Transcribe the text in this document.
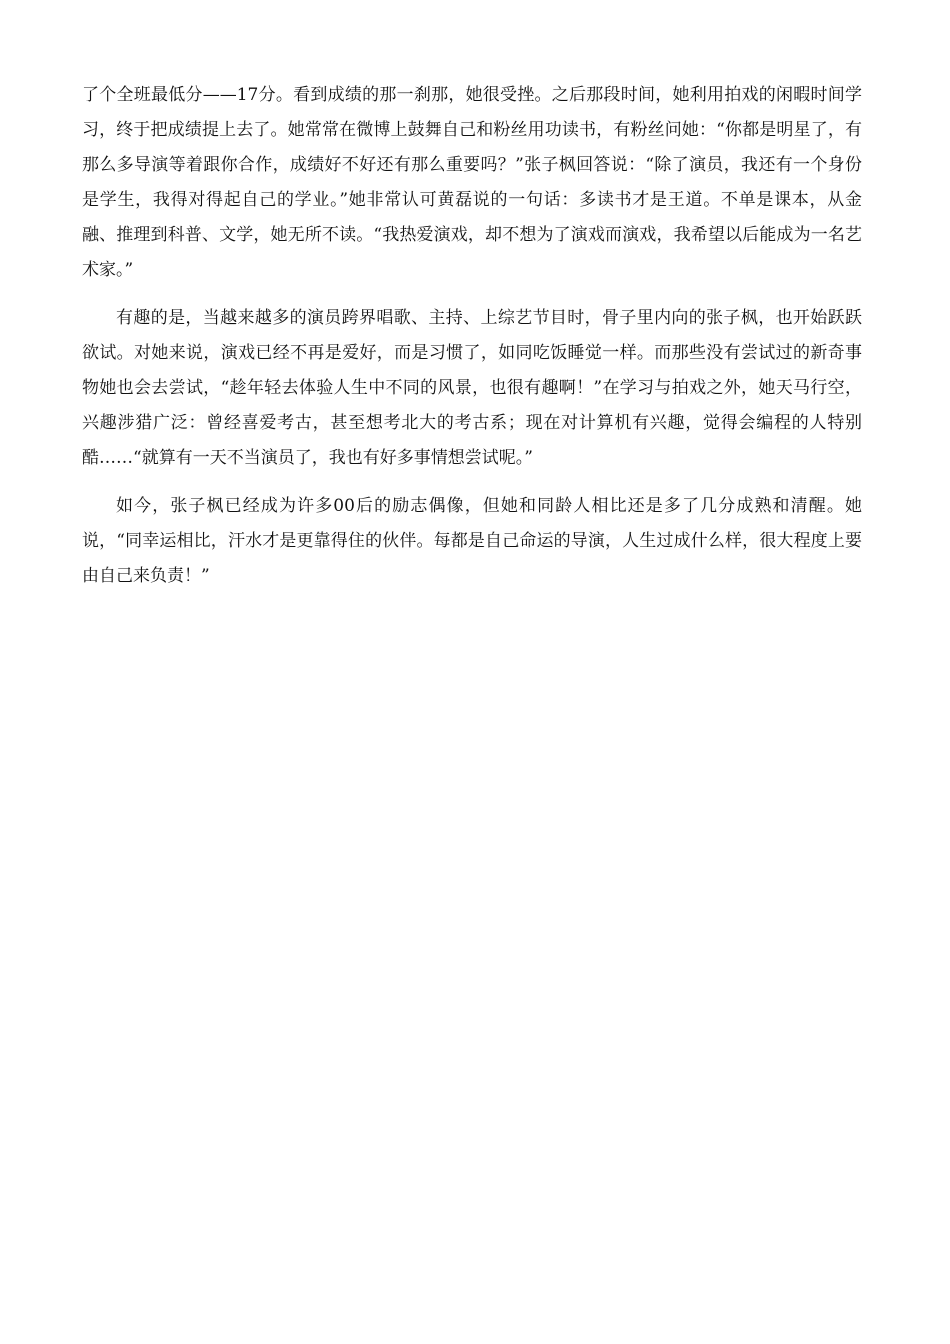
了个全班最低分——17分。看到成绩的那一刹那，她很受挫。之后那段时间，她利用拍戏的闲暇时间学习，终于把成绩提上去了。她常常在微博上鼓舞自己和粉丝用功读书，有粉丝问她：“你都是明星了，有那么多导演等着跟你合作，成绩好不好还有那么重要吗？”张子枫回答说：“除了演员，我还有一个身份是学生，我得对得起自己的学业。”她非常认可黄磊说的一句话：多读书才是王道。不单是课本，从金融、推理到科普、文学，她无所不读。“我热爱演戏，却不想为了演戏而演戏，我希望以后能成为一名艺术家。”

有趣的是，当越来越多的演员跨界唱歌、主持、上综艺节目时，骨子里内向的张子枫，也开始跃跃欲试。对她来说，演戏已经不再是爱好，而是习惯了，如同吃饭睡觉一样。而那些没有尝试过的新奇事物她也会去尝试，“趁年轻去体验人生中不同的风景，也很有趣啊！”在学习与拍戏之外，她天马行空，兴趣涉猎广泛：曾经喜爱考古，甚至想考北大的考古系；现在对计算机有兴趣，觉得会编程的人特别酷……“就算有一天不当演员了，我也有好多事情想尝试呢。”

如今，张子枫已经成为许多00后的励志偶像，但她和同龄人相比还是多了几分成熟和清醒。她说，“同幸运相比，汗水才是更靠得住的伙伴。每都是自己命运的导演，人生过成什么样，很大程度上要由自己来负责！”
